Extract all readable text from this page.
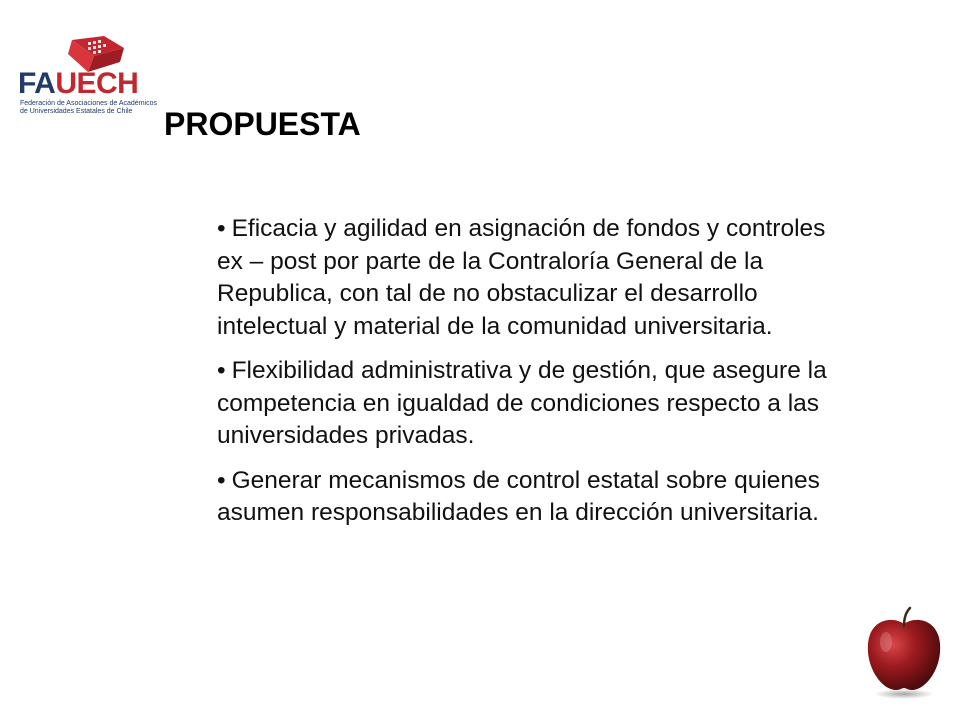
FAUECH
Federación de Asociaciones de Académicos
de Universidades Estatales de Chile PROPUESTA
• Eficacia y agilidad en asignación de fondos y controles ex – post por parte de la Contraloría General de la Republica, con tal de no obstaculizar el desarrollo intelectual y material de la comunidad universitaria.
• Flexibilidad administrativa y de gestión, que asegure la competencia en igualdad de condiciones respecto a las universidades privadas.
• Generar mecanismos de control estatal sobre quienes asumen responsabilidades en la dirección universitaria.
